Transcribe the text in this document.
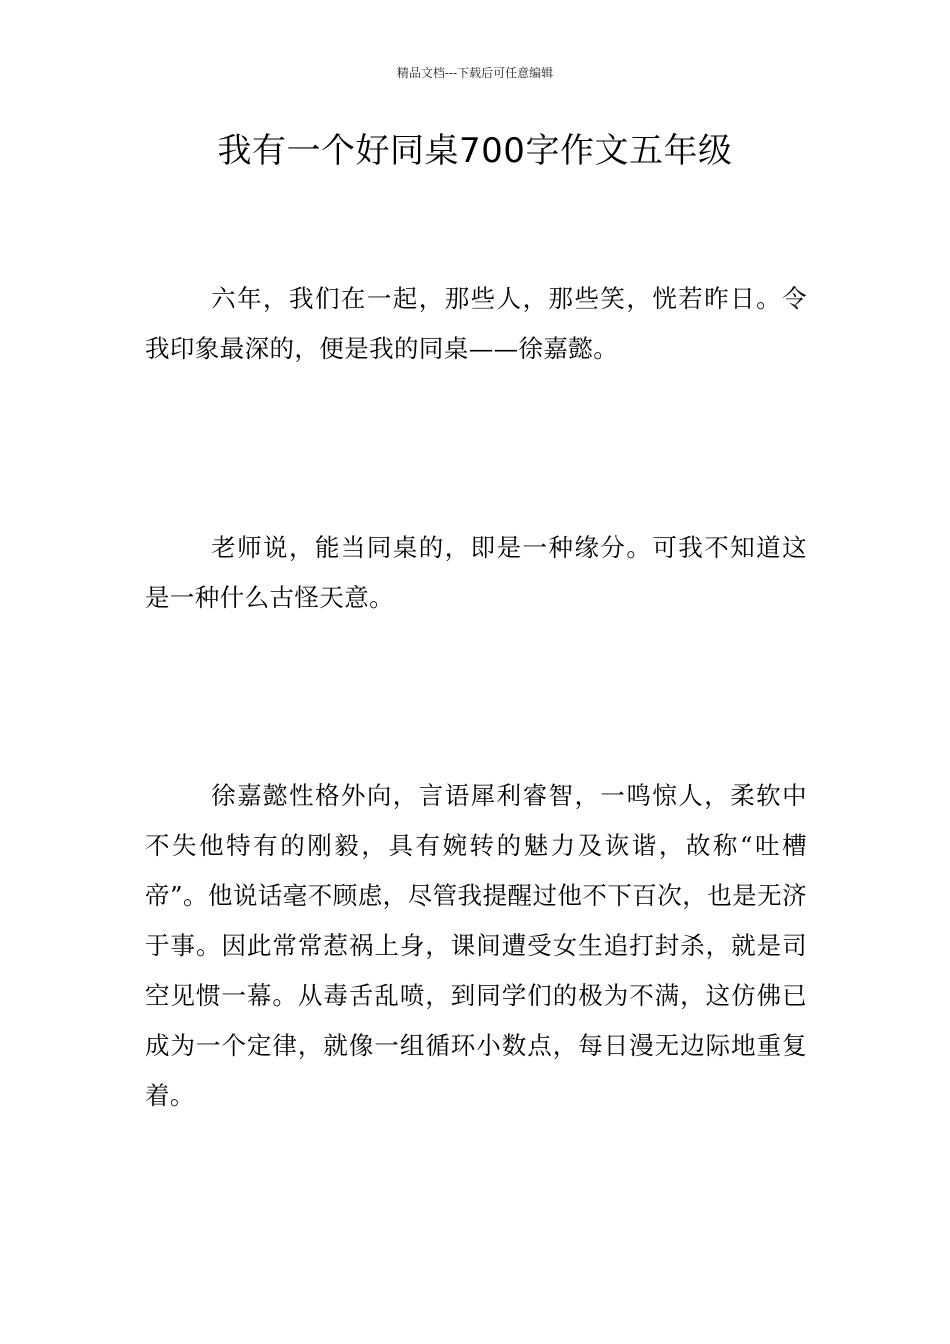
精品文档---下载后可任意编辑
我有一个好同桌700字作文五年级

六年，我们在一起，那些人，那些笑，恍若昨日。令我印象最深的，便是我的同桌——徐嘉懿。

老师说，能当同桌的，即是一种缘分。可我不知道这是一种什么古怪天意。

徐嘉懿性格外向，言语犀利睿智，一鸣惊人，柔软中不失他特有的刚毅，具有婉转的魅力及诙谐，故称“吐槽帝”。他说话毫不顾虑，尽管我提醒过他不下百次，也是无济于事。因此常常惹祸上身，课间遭受女生追打封杀，就是司空见惯一幕。从毒舌乱喷，到同学们的极为不满，这仿佛已成为一个定律，就像一组循环小数点，每日漫无边际地重复着。
